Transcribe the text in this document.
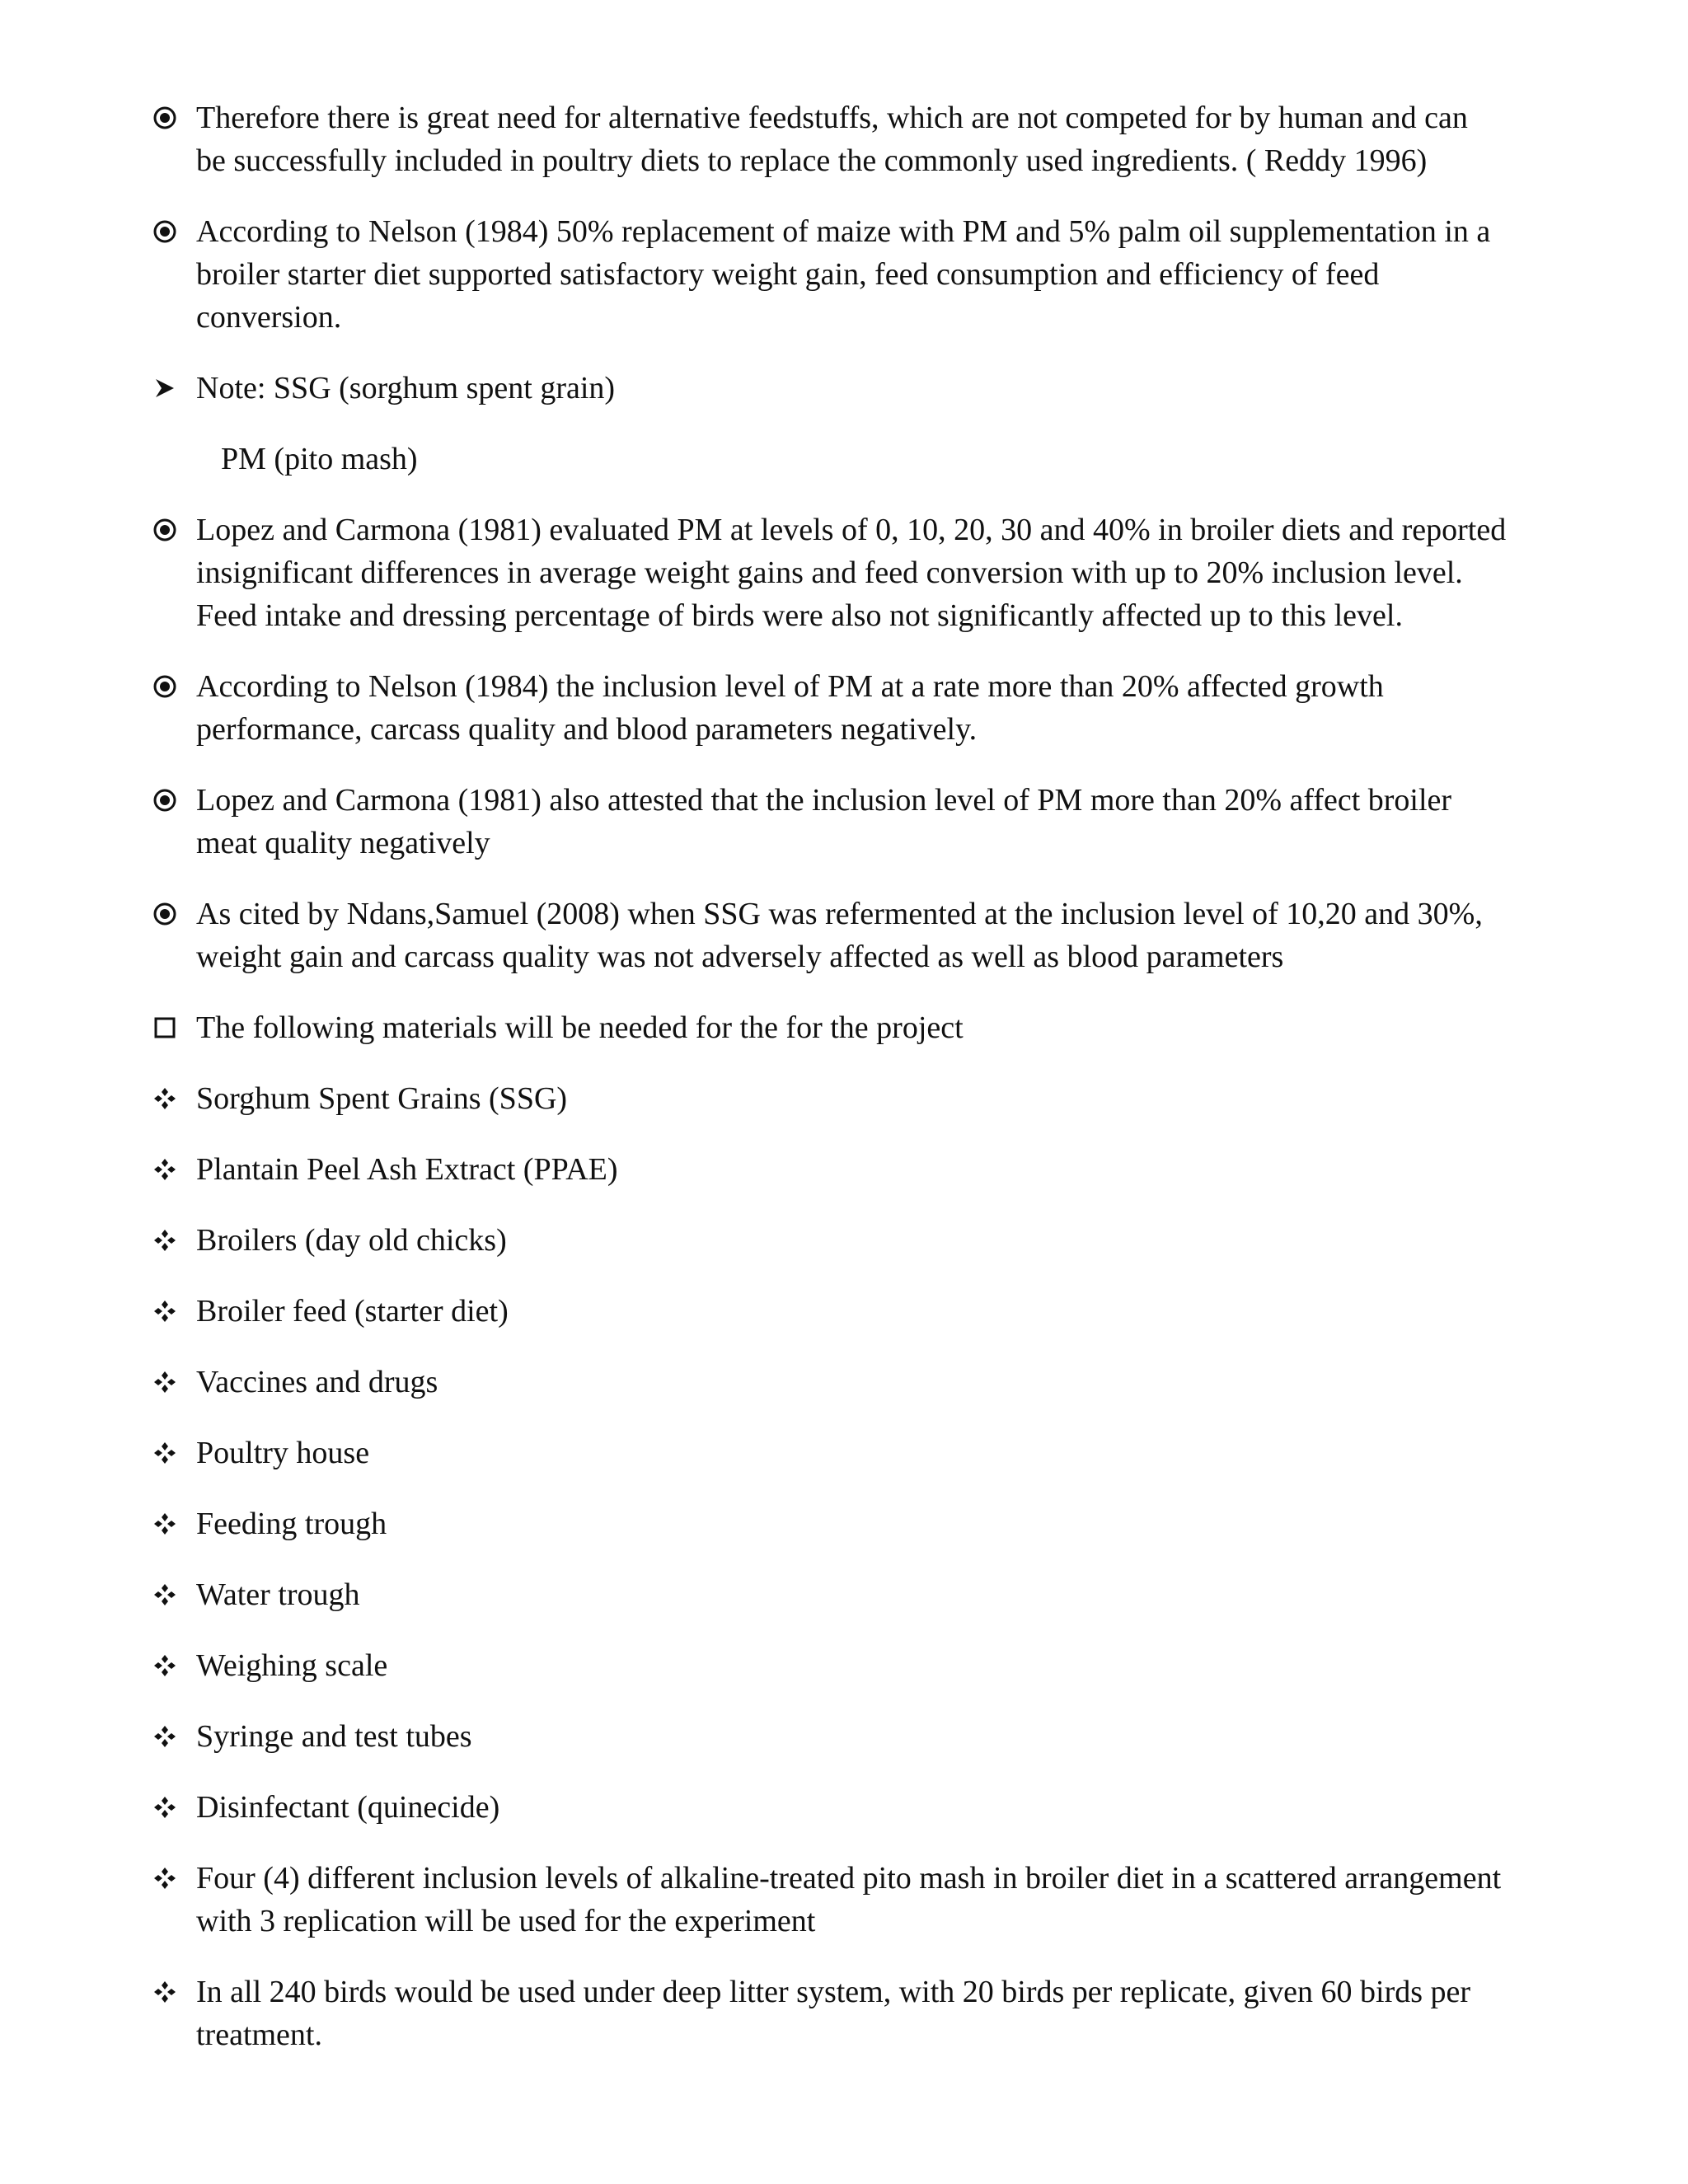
Therefore there is great need for alternative feedstuffs, which are not competed for by human and can
be successfully included in poultry diets to replace the commonly used ingredients. ( Reddy 1996)
According to Nelson (1984) 50% replacement of maize with PM and 5% palm oil supplementation in a
broiler starter diet supported satisfactory weight gain, feed consumption and efficiency of feed
conversion.
Note: SSG (sorghum spent grain)
PM (pito mash)
Lopez and Carmona (1981) evaluated PM at levels of 0, 10, 20, 30 and 40% in broiler diets and reported
insignificant differences in average weight gains and feed conversion with up to 20% inclusion level.
Feed intake and dressing percentage of birds were also not significantly affected up to this level.
According to Nelson (1984) the inclusion level of PM at a rate more than 20% affected growth
performance, carcass quality and blood parameters negatively.
Lopez and Carmona (1981) also attested that the inclusion level of PM more than 20% affect broiler
meat quality negatively
As cited by Ndans,Samuel (2008) when SSG was refermented at the inclusion level of 10,20 and 30%,
weight gain and carcass quality was not adversely affected as well as blood parameters
The following materials will be needed for the for the project
Sorghum Spent Grains (SSG)
Plantain Peel Ash Extract (PPAE)
Broilers (day old chicks)
Broiler feed (starter diet)
Vaccines and drugs
Poultry house
Feeding trough
Water trough
Weighing scale
Syringe and test tubes
Disinfectant (quinecide)
Four (4) different inclusion levels of alkaline-treated pito mash in broiler diet in a scattered arrangement
with 3 replication will be used for the experiment
In all 240 birds would be used under deep litter system, with 20 birds per replicate, given 60 birds per
treatment.
